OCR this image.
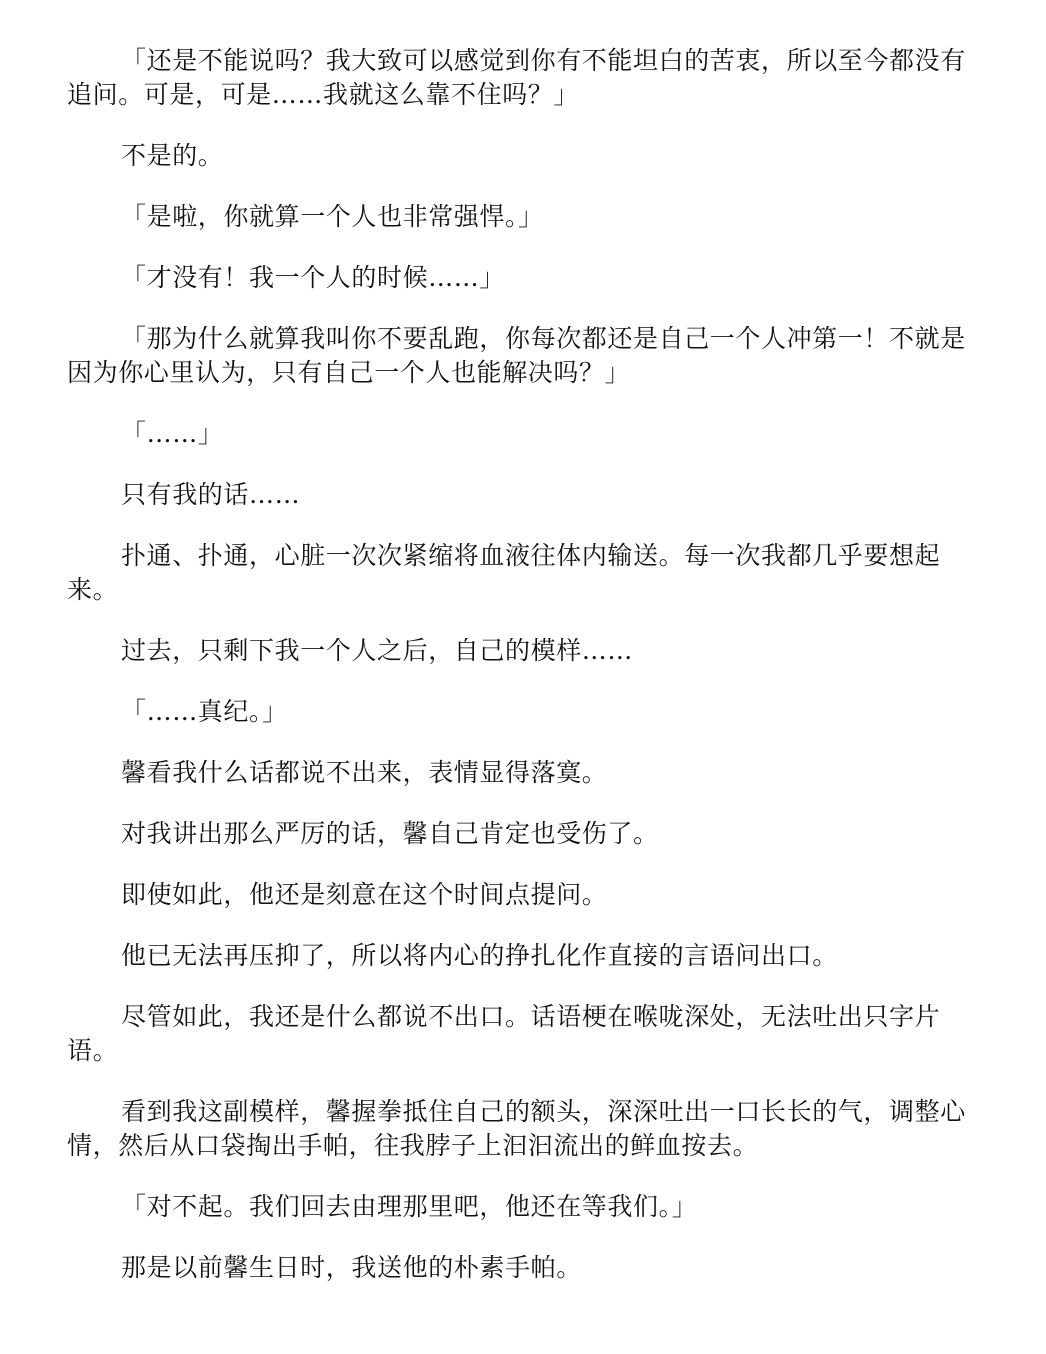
「还是不能说吗？我大致可以感觉到你有不能坦白的苦衷，所以至今都没有追问。可是，可是……我就这么靠不住吗？」

不是的。

「是啦，你就算一个人也非常强悍。」

「才没有！我一个人的时候……」

「那为什么就算我叫你不要乱跑，你每次都还是自己一个人冲第一！不就是因为你心里认为，只有自己一个人也能解决吗？」

「……」

只有我的话……

扑通、扑通，心脏一次次紧缩将血液往体内输送。每一次我都几乎要想起来。

过去，只剩下我一个人之后，自己的模样……

「……真纪。」

馨看我什么话都说不出来，表情显得落寞。

对我讲出那么严厉的话，馨自己肯定也受伤了。

即使如此，他还是刻意在这个时间点提问。

他已无法再压抑了，所以将内心的挣扎化作直接的言语问出口。

尽管如此，我还是什么都说不出口。话语梗在喉咙深处，无法吐出只字片语。

看到我这副模样，馨握拳抵住自己的额头，深深吐出一口长长的气，调整心情，然后从口袋掏出手帕，往我脖子上汩汩流出的鲜血按去。

「对不起。我们回去由理那里吧，他还在等我们。」

那是以前馨生日时，我送他的朴素手帕。
